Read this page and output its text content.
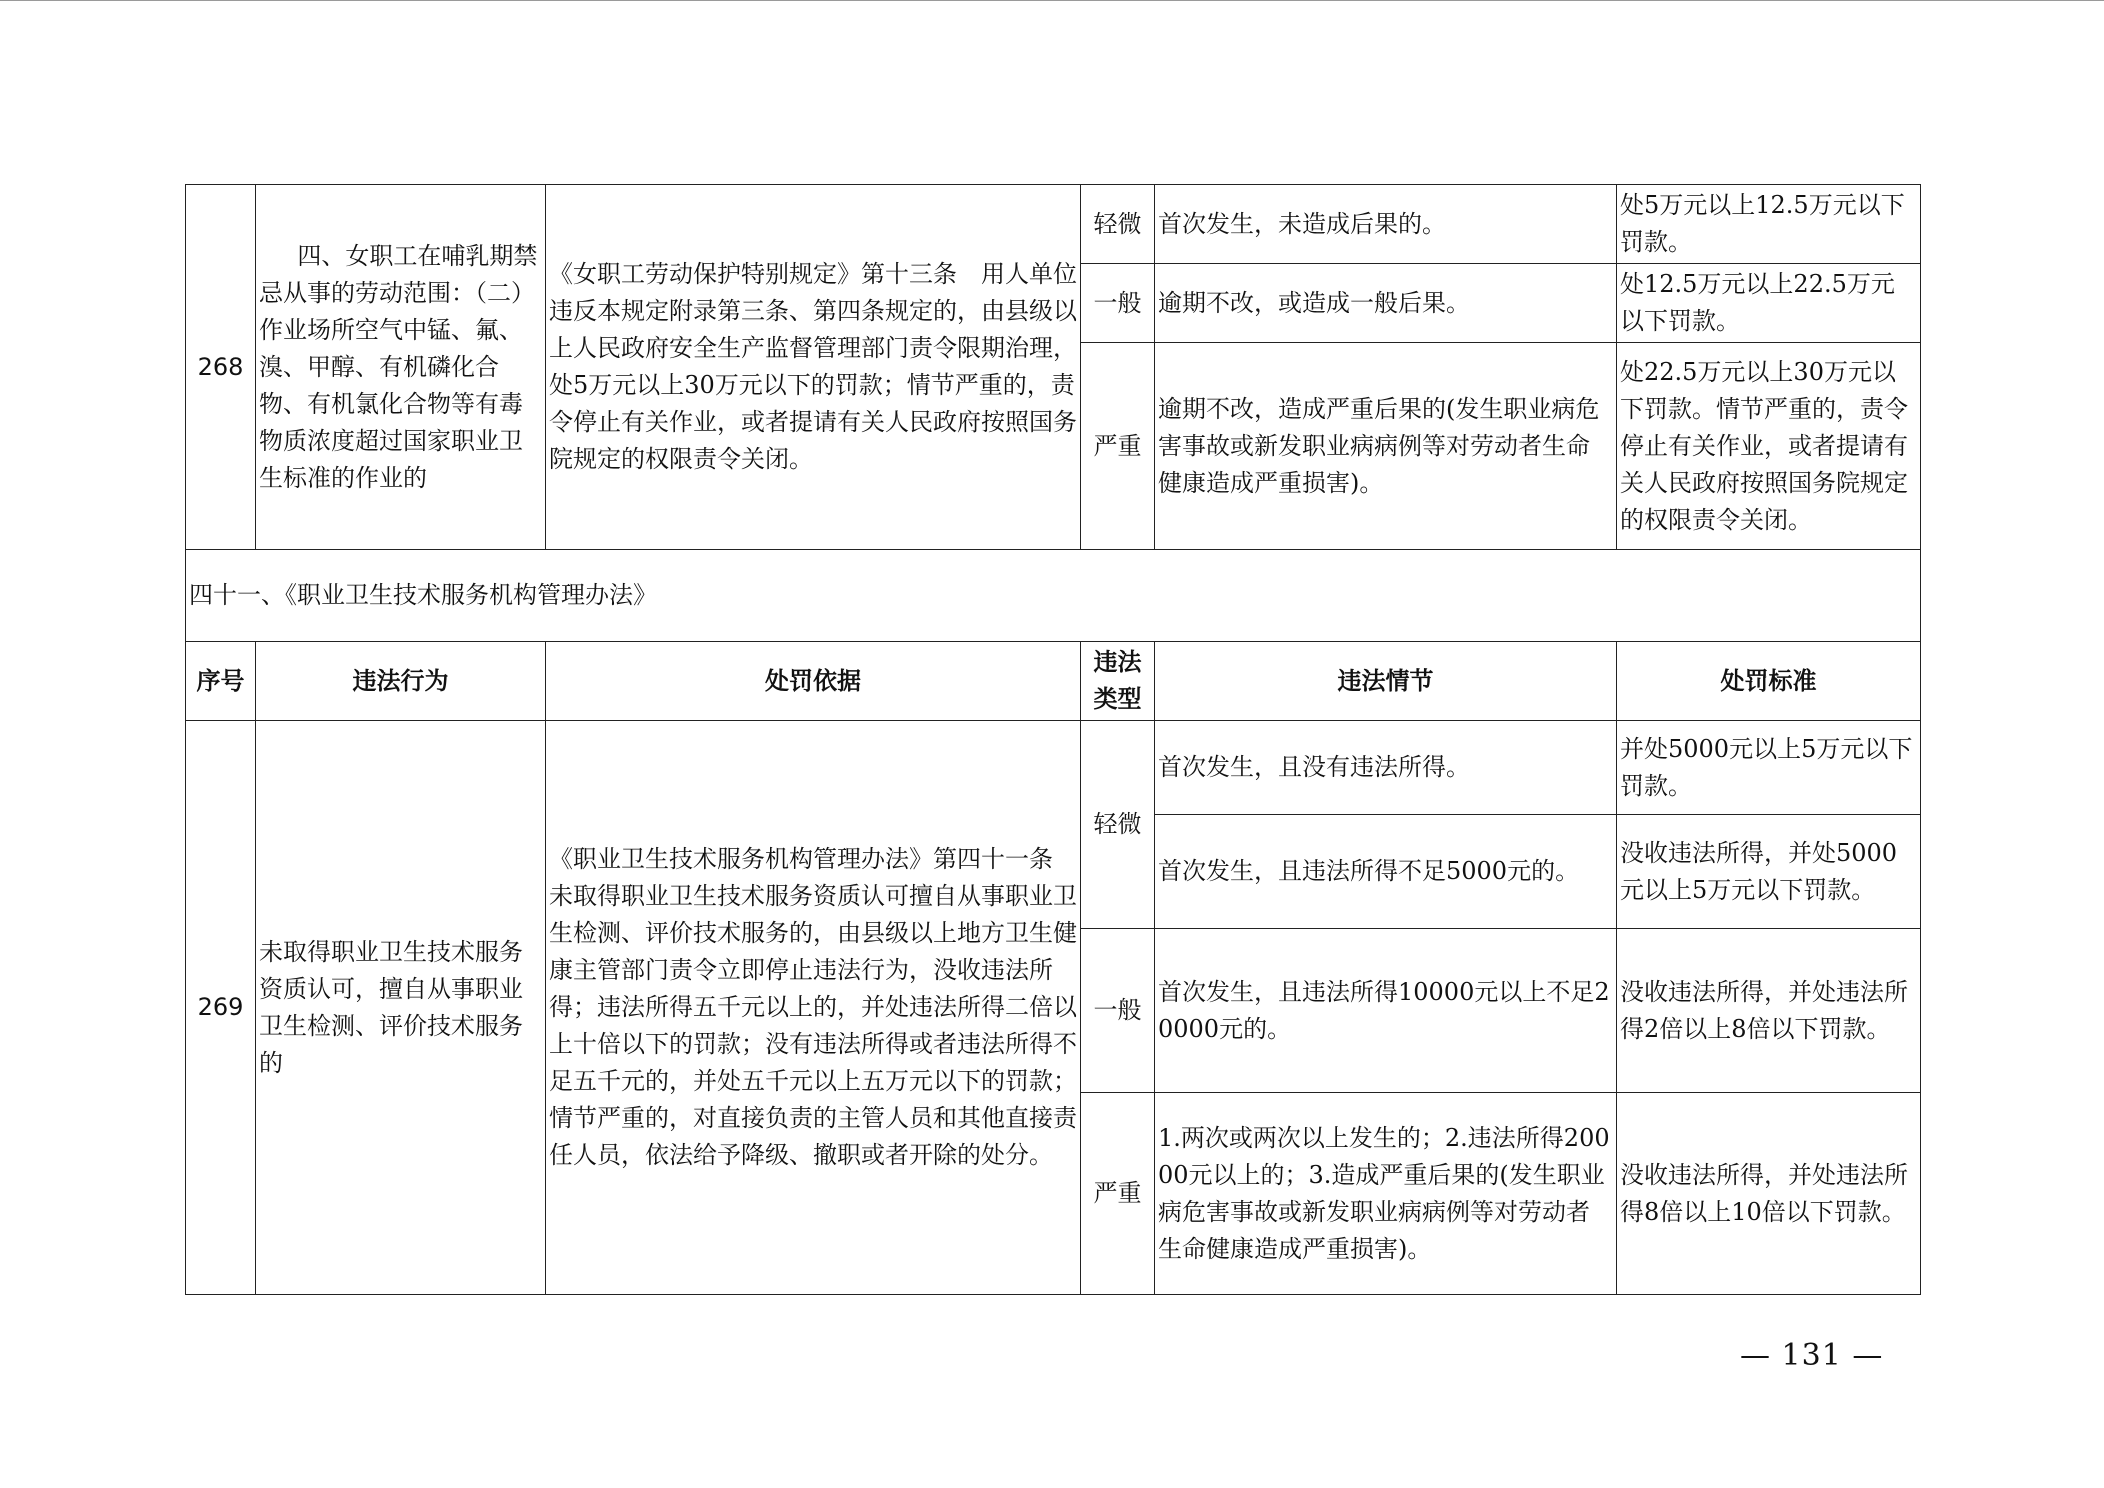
268	四、女职工在哺乳期禁忌从事的劳动范围：（二）作业场所空气中锰、氟、溴、甲醇、有机磷化合物、有机氯化合物等有毒物质浓度超过国家职业卫生标准的作业的	《女职工劳动保护特别规定》第十三条　用人单位违反本规定附录第三条、第四条规定的，由县级以上人民政府安全生产监督管理部门责令限期治理，处5万元以上30万元以下的罚款；情节严重的，责令停止有关作业，或者提请有关人民政府按照国务院规定的权限责令关闭。	轻微	首次发生，未造成后果的。	处5万元以上12.5万元以下罚款。
			一般	逾期不改，或造成一般后果。	处12.5万元以上22.5万元以下罚款。
			严重	逾期不改，造成严重后果的(发生职业病危害事故或新发职业病病例等对劳动者生命健康造成严重损害)。	处22.5万元以上30万元以下罚款。情节严重的，责令停止有关作业，或者提请有关人民政府按照国务院规定的权限责令关闭。
四十一、《职业卫生技术服务机构管理办法》					
序号	违法行为	处罚依据	违法类型	违法情节	处罚标准
269	未取得职业卫生技术服务资质认可，擅自从事职业卫生检测、评价技术服务的	《职业卫生技术服务机构管理办法》第四十一条 未取得职业卫生技术服务资质认可擅自从事职业卫生检测、评价技术服务的，由县级以上地方卫生健康主管部门责令立即停止违法行为，没收违法所得；违法所得五千元以上的，并处违法所得二倍以上十倍以下的罚款；没有违法所得或者违法所得不足五千元的，并处五千元以上五万元以下的罚款；情节严重的，对直接负责的主管人员和其他直接责任人员，依法给予降级、撤职或者开除的处分。	轻微	首次发生，且没有违法所得。	并处5000元以上5万元以下罚款。
				首次发生，且违法所得不足5000元的。	没收违法所得，并处5000元以上5万元以下罚款。
			一般	首次发生，且违法所得10000元以上不足20000元的。	没收违法所得，并处违法所得2倍以上8倍以下罚款。
			严重	1.两次或两次以上发生的；2.违法所得20000元以上的；3.造成严重后果的(发生职业病危害事故或新发职业病病例等对劳动者生命健康造成严重损害)。	没收违法所得，并处违法所得8倍以上10倍以下罚款。
— 131 —
